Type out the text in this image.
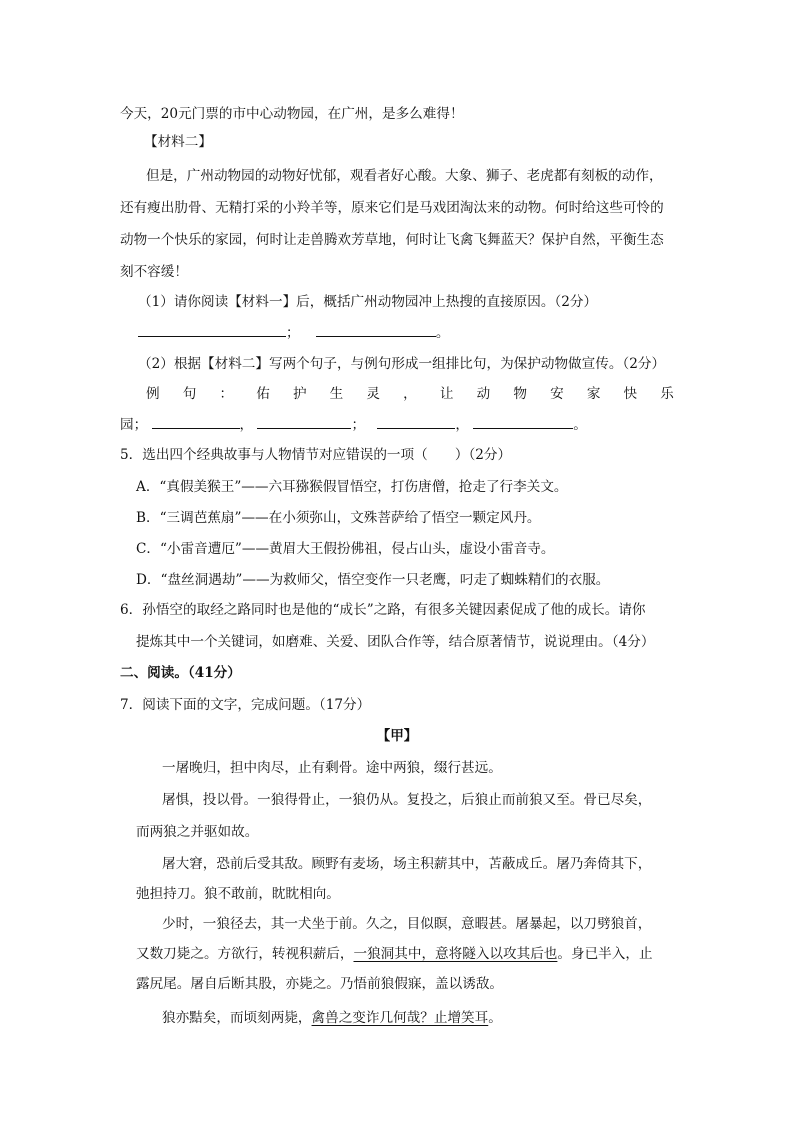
今天，20元门票的市中心动物园，在广州，是多么难得！
【材料二】
但是，广州动物园的动物好忧郁，观看者好心酸。大象、狮子、老虎都有刻板的动作，
还有瘦出肋骨、无精打采的小羚羊等，原来它们是马戏团淘汰来的动物。何时给这些可怜的
动物一个快乐的家园，何时让走兽腾欢芳草地，何时让飞禽飞舞蓝天？保护自然，平衡生态
刻不容缓！
（1）请你阅读【材料一】后，概括广州动物园冲上热搜的直接原因。（2分）
；	。
（2）根据【材料二】写两个句子，与例句形成一组排比句，为保护动物做宣传。（2分）
例 句 ： 佑 护 生 灵 ， 让 动 物 安 家 快 乐
园；	，	；	，	。
5．选出四个经典故事与人物情节对应错误的一项（　　）（2分）
A．“真假美猴王”——六耳猕猴假冒悟空，打伤唐僧，抢走了行李关文。
B．“三调芭蕉扇”——在小须弥山，文殊菩萨给了悟空一颗定风丹。
C．“小雷音遭厄”——黄眉大王假扮佛祖，侵占山头，虚设小雷音寺。
D．“盘丝洞遇劫”——为救师父，悟空变作一只老鹰，叼走了蜘蛛精们的衣服。
6．孙悟空的取经之路同时也是他的“成长”之路，有很多关键因素促成了他的成长。请你
提炼其中一个关键词，如磨难、关爱、团队合作等，结合原著情节，说说理由。（4分）
二、阅读。（41分）
7．阅读下面的文字，完成问题。（17分）
【甲】
一屠晚归，担中肉尽，止有剩骨。途中两狼，缀行甚远。
屠惧，投以骨。一狼得骨止，一狼仍从。复投之，后狼止而前狼又至。骨已尽矣，
而两狼之并驱如故。
屠大窘，恐前后受其敌。顾野有麦场，场主积薪其中，苫蔽成丘。屠乃奔倚其下，
弛担持刀。狼不敢前，眈眈相向。
少时，一狼径去，其一犬坐于前。久之，目似瞑，意暇甚。屠暴起，以刀劈狼首，
又数刀毙之。方欲行，转视积薪后，一狼洞其中，意将隧入以攻其后也。身已半入，止
露尻尾。屠自后断其股，亦毙之。乃悟前狼假寐，盖以诱敌。
狼亦黠矣，而顷刻两毙，禽兽之变诈几何哉？止增笑耳。
